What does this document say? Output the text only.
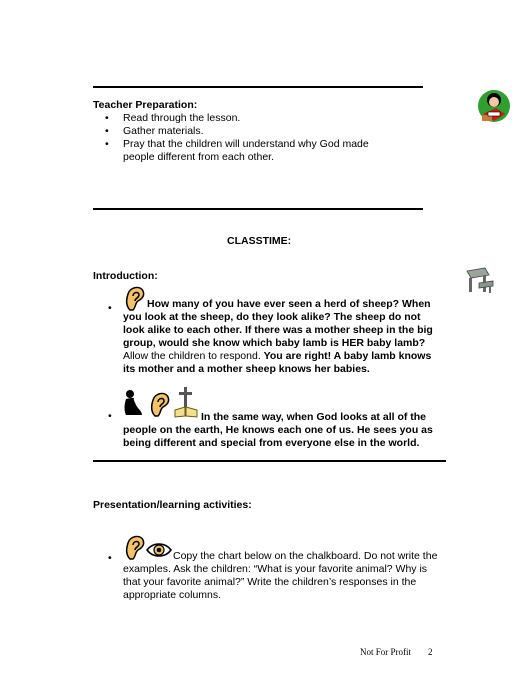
Teacher Preparation:
• Read through the lesson.
• Gather materials.
• Pray that the children will understand why God made people different from each other.
CLASSTIME:
Introduction:
•	How many of you have ever seen a herd of sheep? When you look at the sheep, do they look alike? The sheep do not look alike to each other. If there was a mother sheep in the big group, would she know which baby lamb is HER baby lamb? Allow the children to respond. You are right! A baby lamb knows its mother and a mother sheep knows her babies.
•	In the same way, when God looks at all of the people on the earth, He knows each one of us. He sees you as being different and special from everyone else in the world.
Presentation/learning activities:
•	Copy the chart below on the chalkboard. Do not write the examples. Ask the children: “What is your favorite animal? Why is that your favorite animal?” Write the children’s responses in the appropriate columns.
Not For Profit 2
